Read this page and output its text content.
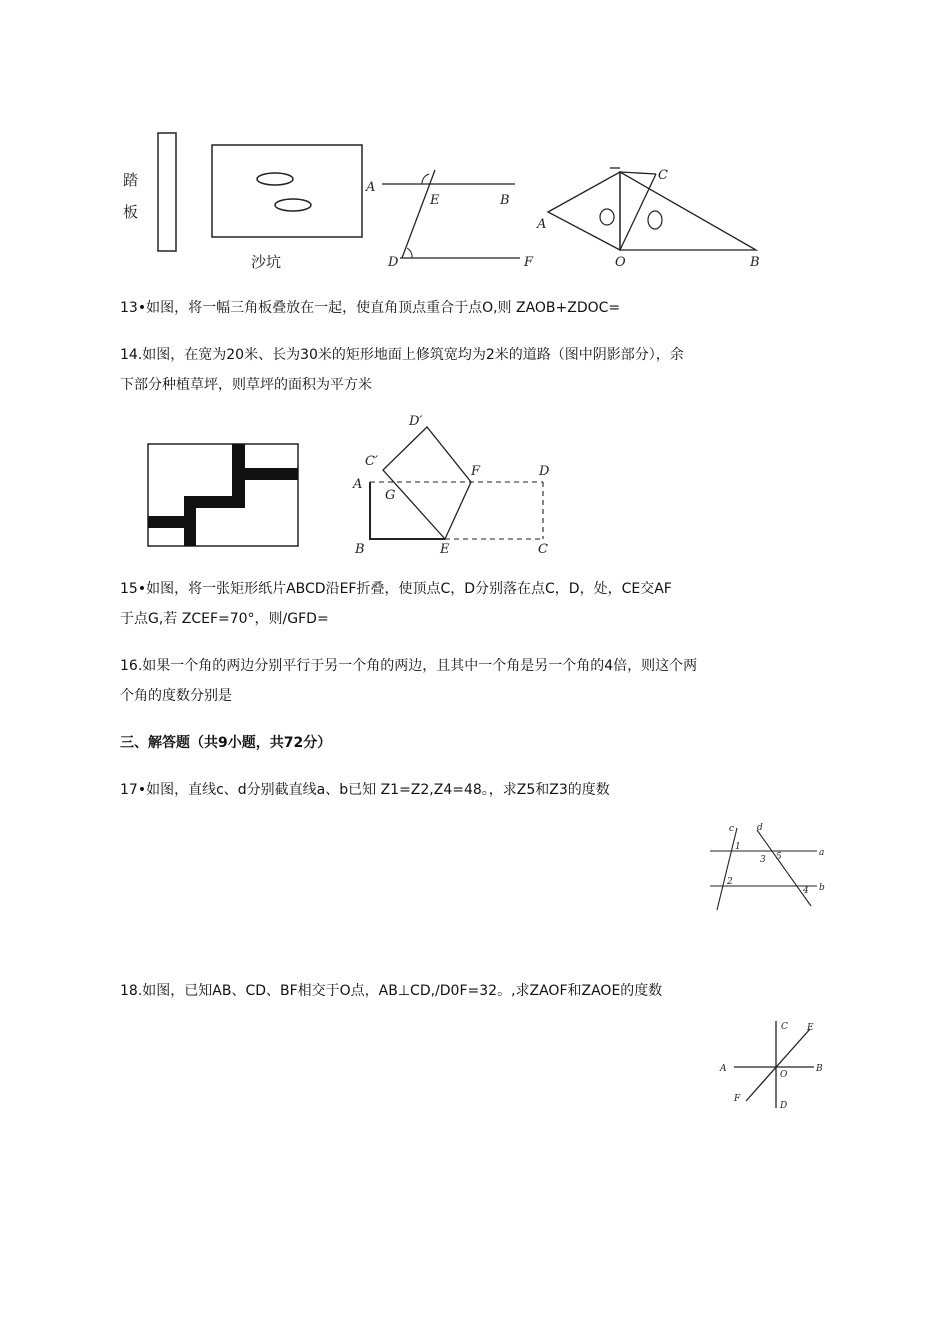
踏
板
沙坑
A
E	B
D	F
C
A
O	B
13•如图，将一幅三角板叠放在一起，使直角顶点重合于点O,则 ZAOB+ZDOC=
14.如图，在宽为20米、长为30米的矩形地面上修筑宽均为2米的道路（图中阴影部分），余
下部分种植草坪，则草坪的面积为平方米
D′
C′
F	D
A
G
B	E	C
15•如图，将一张矩形纸片ABCD沿EF折叠，使顶点C，D分别落在点C，D，处，CE交AF
于点G,若 ZCEF=70°，则∕GFD=
16.如果一个角的两边分别平行于另一个角的两边，且其中一个角是另一个角的4倍，则这个两
个角的度数分别是
三、解答题（共9小题，共72分）
17•如图，直线c、d分别截直线a、b已知 Z1=Z2,Z4=48。，求Z5和Z3的度数
c	d
1
3 5	a
2
4 b
18.如图，已知AB、CD、BF相交于O点，AB⊥CD,∕D0F=32。,求ZAOF和ZAOE的度数
C E
A
O
B
F
D
